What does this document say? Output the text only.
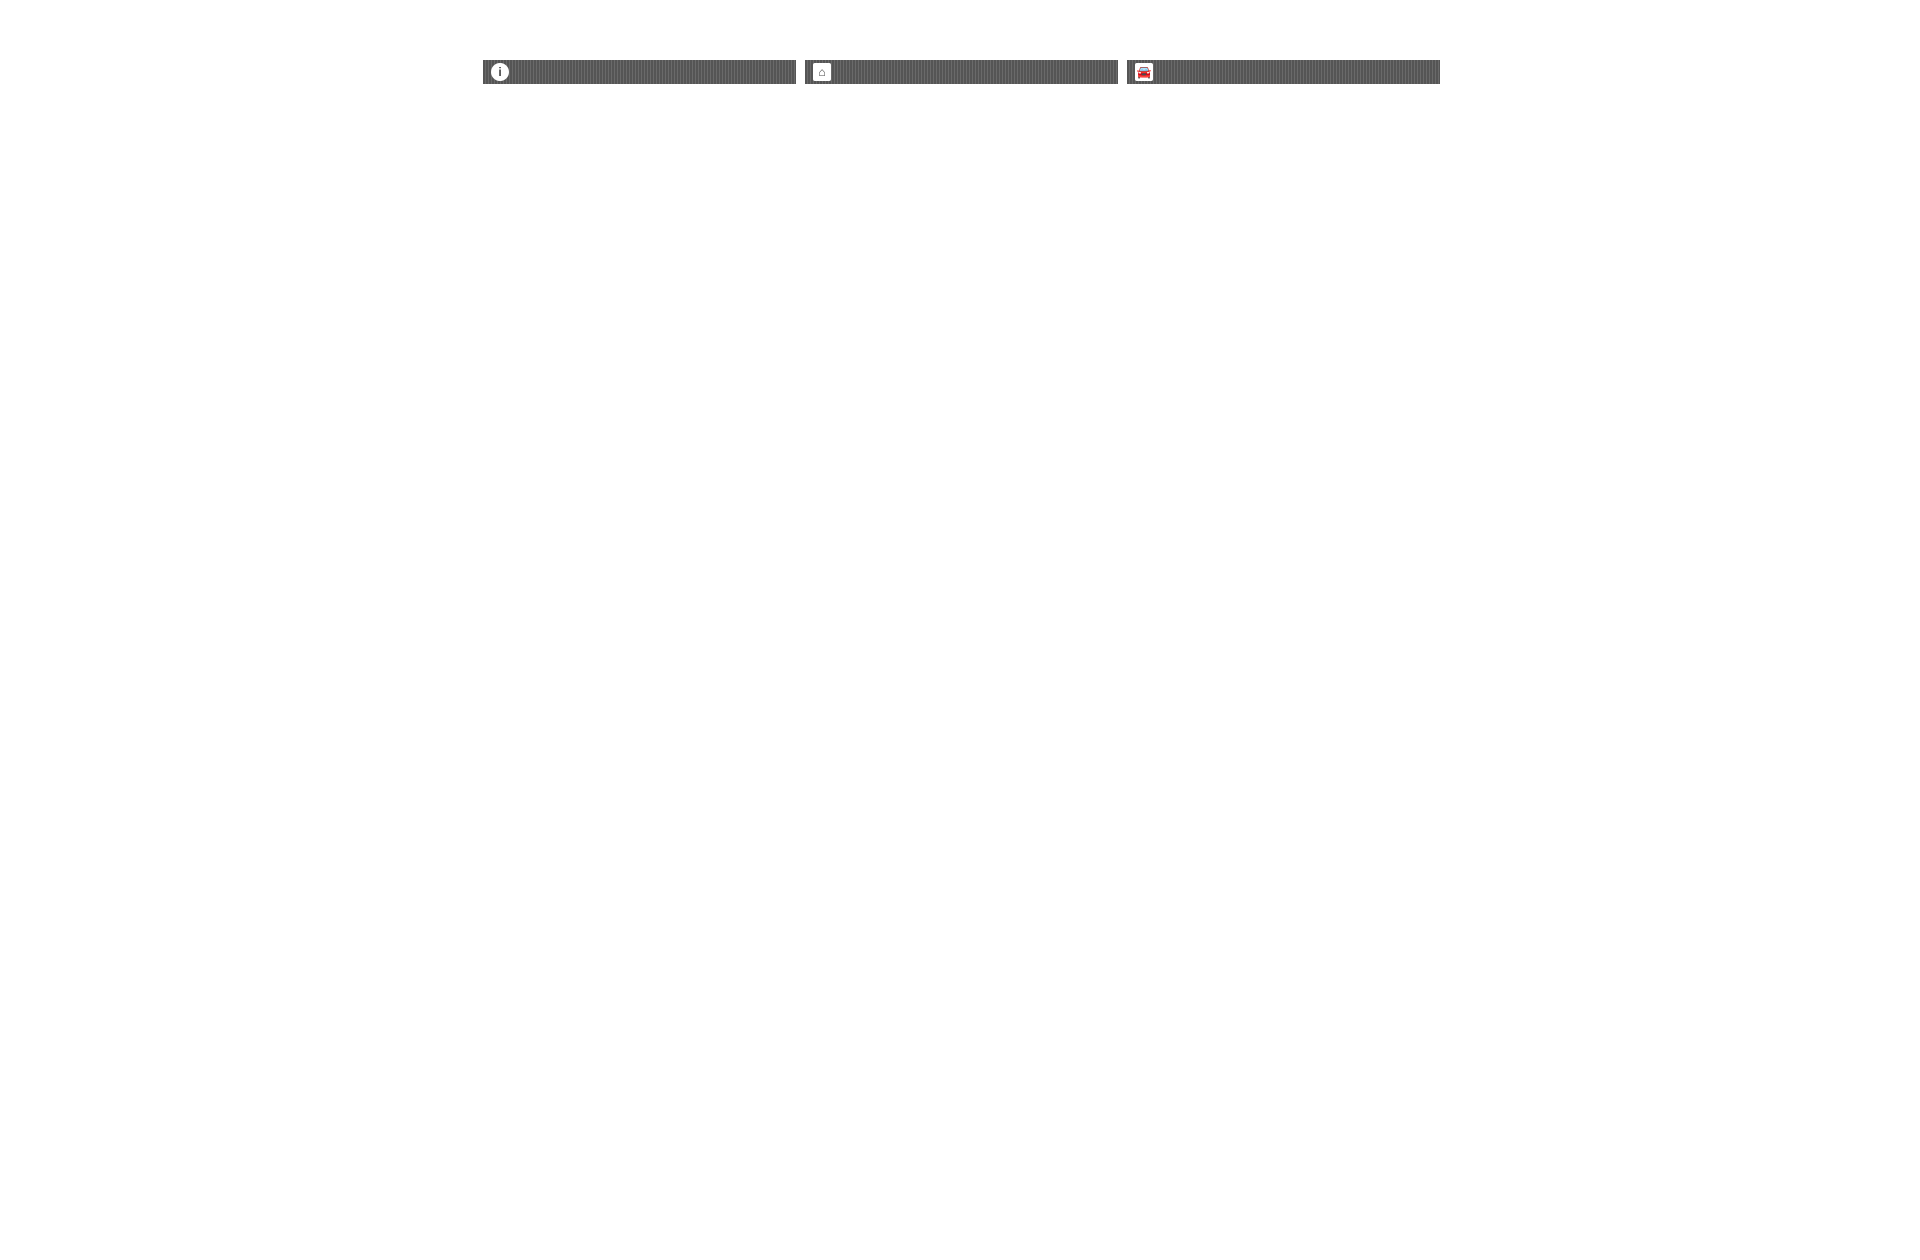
i	⌂	🚘
